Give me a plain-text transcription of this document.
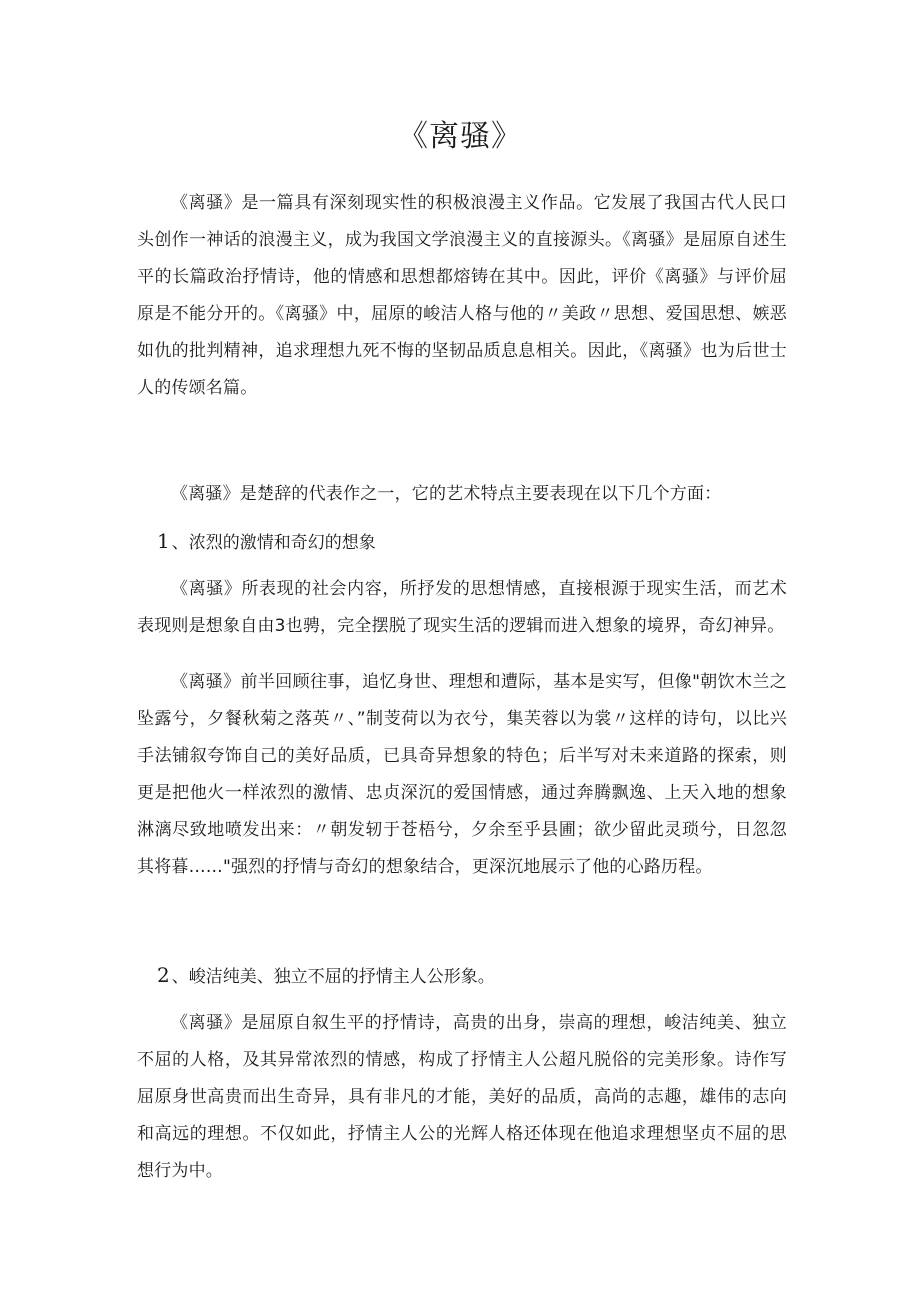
《离骚》

《离骚》是一篇具有深刻现实性的积极浪漫主义作品。它发展了我国古代人民口头创作一神话的浪漫主义，成为我国文学浪漫主义的直接源头。《离骚》是屈原自述生平的长篇政治抒情诗，他的情感和思想都熔铸在其中。因此，评价《离骚》与评价屈原是不能分开的。《离骚》中，屈原的峻洁人格与他的〃美政〃思想、爱国思想、嫉恶如仇的批判精神，追求理想九死不悔的坚韧品质息息相关。因此，《离骚》也为后世士人的传颂名篇。

《离骚》是楚辞的代表作之一，它的艺术特点主要表现在以下几个方面：

1 、浓烈的激情和奇幻的想象

《离骚》所表现的社会内容，所抒发的思想情感，直接根源于现实生活，而艺术表现则是想象自由3也骋，完全摆脱了现实生活的逻辑而进入想象的境界，奇幻神异。

《离骚》前半回顾往事，追忆身世、理想和遭际，基本是实写，但像"朝饮木兰之坠露兮，夕餐秋菊之落英〃、”制芰荷以为衣兮，集芙蓉以为裳〃这样的诗句，以比兴手法铺叙夸饰自己的美好品质，已具奇异想象的特色；后半写对未来道路的探索，则更是把他火一样浓烈的激情、忠贞深沉的爱国情感，通过奔腾飘逸、上天入地的想象淋漓尽致地喷发出来：〃朝发轫于苍梧兮，夕余至乎县圃；欲少留此灵琐兮，日忽忽其将暮……"强烈的抒情与奇幻的想象结合，更深沉地展示了他的心路历程。

2 、峻洁纯美、独立不屈的抒情主人公形象。

《离骚》是屈原自叙生平的抒情诗，高贵的出身，崇高的理想，峻洁纯美、独立不屈的人格，及其异常浓烈的情感，构成了抒情主人公超凡脱俗的完美形象。诗作写屈原身世高贵而出生奇异，具有非凡的才能，美好的品质，高尚的志趣，雄伟的志向和高远的理想。不仅如此，抒情主人公的光辉人格还体现在他追求理想坚贞不屈的思想行为中。
